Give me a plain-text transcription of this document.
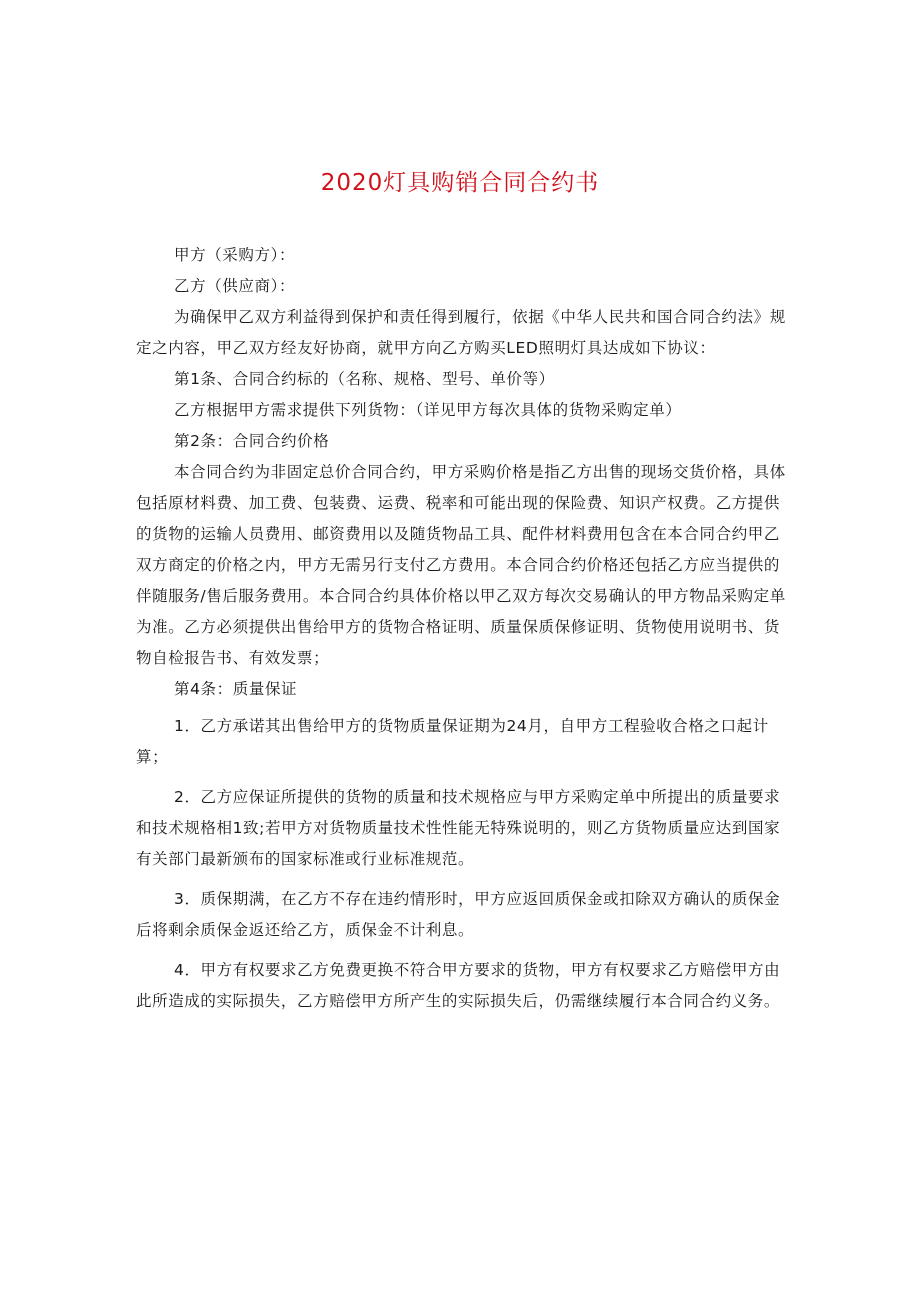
2020灯具购销合同合约书

甲方（采购方）：

乙方（供应商）：

为确保甲乙双方利益得到保护和责任得到履行，依据《中华人民共和国合同合约法》规定之内容，甲乙双方经友好协商，就甲方向乙方购买LED照明灯具达成如下协议：

第1条、合同合约标的（名称、规格、型号、单价等）

乙方根据甲方需求提供下列货物：（详见甲方每次具体的货物采购定单）

第2条：合同合约价格

本合同合约为非固定总价合同合约，甲方采购价格是指乙方出售的现场交货价格，具体包括原材料费、加工费、包装费、运费、税率和可能出现的保险费、知识产权费。乙方提供的货物的运输人员费用、邮资费用以及随货物品工具、配件材料费用包含在本合同合约甲乙双方商定的价格之内，甲方无需另行支付乙方费用。本合同合约价格还包括乙方应当提供的伴随服务/售后服务费用。本合同合约具体价格以甲乙双方每次交易确认的甲方物品采购定单为准。乙方必须提供出售给甲方的货物合格证明、质量保质保修证明、货物使用说明书、货物自检报告书、有效发票；

第4条：质量保证

1．乙方承诺其出售给甲方的货物质量保证期为24月，自甲方工程验收合格之口起计算；

2．乙方应保证所提供的货物的质量和技术规格应与甲方采购定单中所提出的质量要求和技术规格相1致;若甲方对货物质量技术性性能无特殊说明的，则乙方货物质量应达到国家有关部门最新颁布的国家标准或行业标准规范。

3．质保期满，在乙方不存在违约情形时，甲方应返回质保金或扣除双方确认的质保金后将剩余质保金返还给乙方，质保金不计利息。

4．甲方有权要求乙方免费更换不符合甲方要求的货物，甲方有权要求乙方赔偿甲方由此所造成的实际损失，乙方赔偿甲方所产生的实际损失后，仍需继续履行本合同合约义务。
